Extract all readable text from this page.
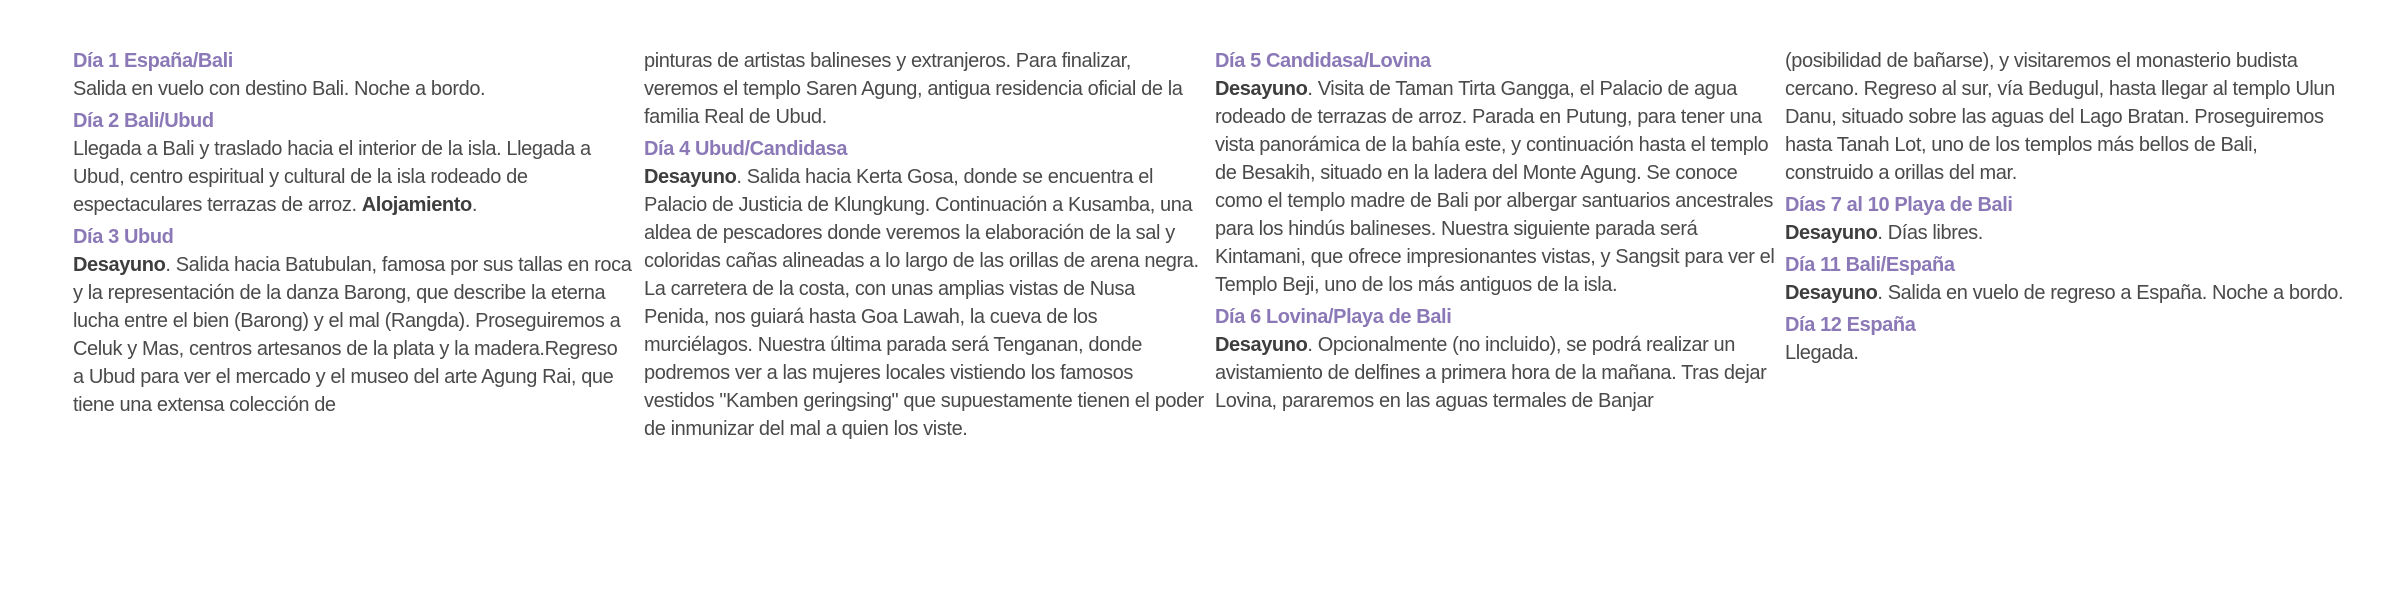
Día 1 España/Bali

Salida en vuelo con destino Bali. Noche a bordo.

Día 2 Bali/Ubud

Llegada a Bali y traslado hacia el interior de la isla. Llegada a Ubud, centro espiritual y cultural de la isla rodeado de espectaculares terrazas de arroz. Alojamiento.

Día 3 Ubud

Desayuno. Salida hacia Batubulan, famosa por sus tallas en roca y la representación de la danza Barong, que describe la eterna lucha entre el bien (Barong) y el mal (Rangda). Proseguiremos a Celuk y Mas, centros artesanos de la plata y la madera.Regreso a Ubud para ver el mercado y el museo del arte Agung Rai, que tiene una extensa colección de

pinturas de artistas balineses y extranjeros. Para finalizar, veremos el templo Saren Agung, antigua residencia oficial de la familia Real de Ubud.

Día 4 Ubud/Candidasa

Desayuno. Salida hacia Kerta Gosa, donde se encuentra el Palacio de Justicia de Klungkung. Continuación a Kusamba, una aldea de pescadores donde veremos la elaboración de la sal y coloridas cañas alineadas a lo largo de las orillas de arena negra. La carretera de la costa, con unas amplias vistas de Nusa Penida, nos guiará hasta Goa Lawah, la cueva de los murciélagos. Nuestra última parada será Tenganan, donde podremos ver a las mujeres locales vistiendo los famosos vestidos "Kamben geringsing" que supuestamente tienen el poder de inmunizar del mal a quien los viste.

Día 5 Candidasa/Lovina

Desayuno. Visita de Taman Tirta Gangga, el Palacio de agua rodeado de terrazas de arroz. Parada en Putung, para tener una vista panorámica de la bahía este, y continuación hasta el templo de Besakih, situado en la ladera del Monte Agung. Se conoce como el templo madre de Bali por albergar santuarios ancestrales para los hindús balineses. Nuestra siguiente parada será Kintamani, que ofrece impresionantes vistas, y Sangsit para ver el Templo Beji, uno de los más antiguos de la isla.

Día 6 Lovina/Playa de Bali

Desayuno. Opcionalmente (no incluido), se podrá realizar un avistamiento de delfines a primera hora de la mañana. Tras dejar Lovina, pararemos en las aguas termales de Banjar

(posibilidad de bañarse), y visitaremos el monasterio budista cercano. Regreso al sur, vía Bedugul, hasta llegar al templo Ulun Danu, situado sobre las aguas del Lago Bratan. Proseguiremos hasta Tanah Lot, uno de los templos más bellos de Bali, construido a orillas del mar.

Días 7 al 10 Playa de Bali

Desayuno. Días libres.

Día 11 Bali/España

Desayuno. Salida en vuelo de regreso a España. Noche a bordo.

Día 12 España

Llegada.
